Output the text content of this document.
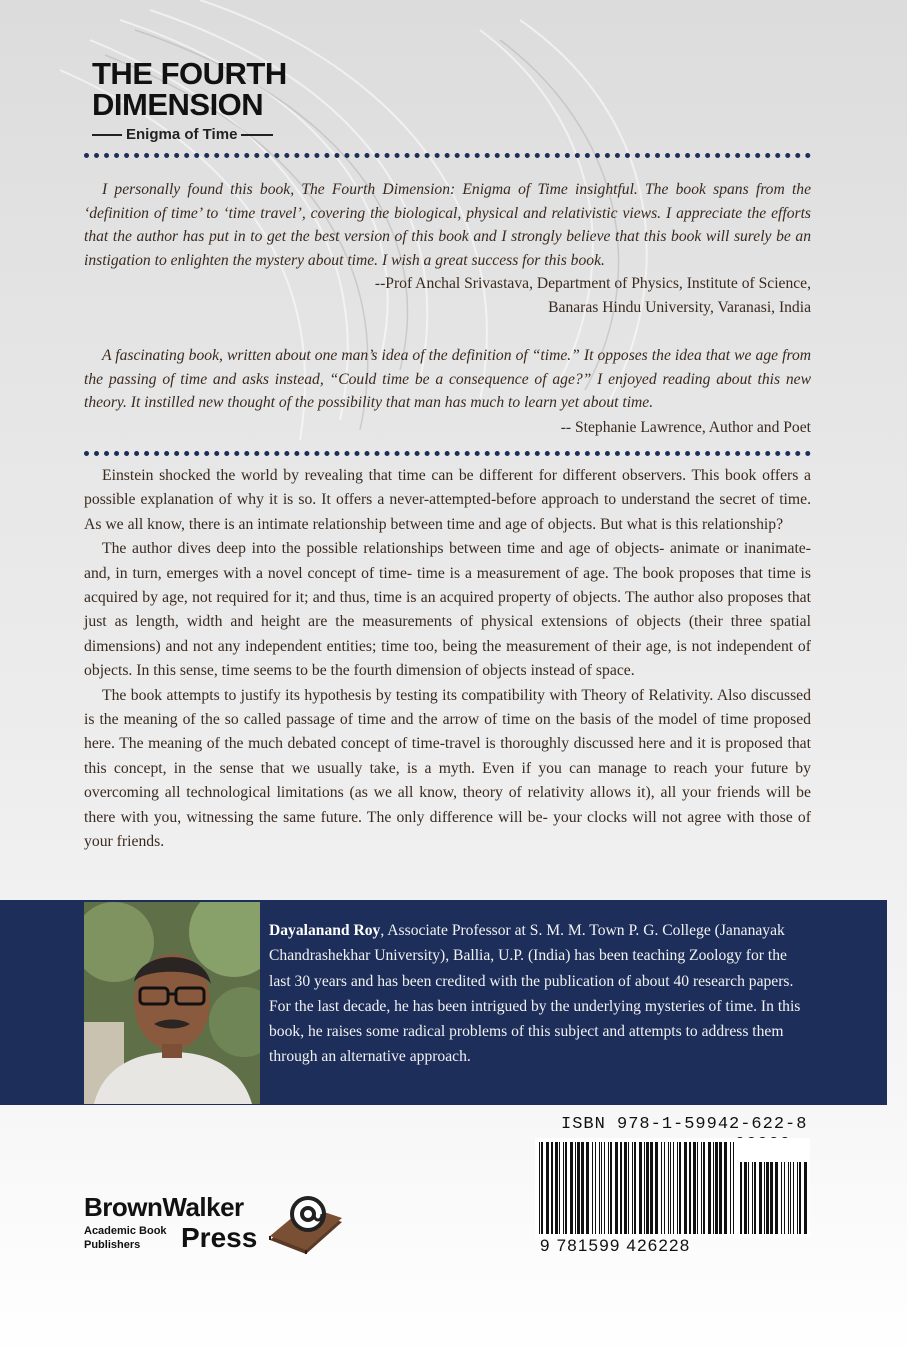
THE FOURTH
DIMENSION
Enigma of Time

I personally found this book, The Fourth Dimension: Enigma of Time insightful. The book spans from the ‘definition of time’ to ‘time travel’, covering the biological, physical and relativistic views. I appreciate the efforts that the author has put in to get the best version of this book and I strongly believe that this book will surely be an instigation to enlighten the mystery about time. I wish a great success for this book.

--Prof Anchal Srivastava, Department of Physics, Institute of Science,
Banaras Hindu University, Varanasi, India

A fascinating book, written about one man’s idea of the definition of “time.” It opposes the idea that we age from the passing of time and asks instead, “Could time be a consequence of age?” I enjoyed reading about this new theory. It instilled new thought of the possibility that man has much to learn yet about time.

-- Stephanie Lawrence, Author and Poet

Einstein shocked the world by revealing that time can be different for different observers. This book offers a possible explanation of why it is so. It offers a never-attempted-before approach to understand the secret of time. As we all know, there is an intimate relationship between time and age of objects. But what is this relationship?

The author dives deep into the possible relationships between time and age of objects- animate or inanimate- and, in turn, emerges with a novel concept of time- time is a measurement of age. The book proposes that time is acquired by age, not required for it; and thus, time is an acquired property of objects. The author also proposes that just as length, width and height are the measurements of physical extensions of objects (their three spatial dimensions) and not any independent entities; time too, being the measurement of their age, is not independent of objects. In this sense, time seems to be the fourth dimension of objects instead of space.

The book attempts to justify its hypothesis by testing its compatibility with Theory of Relativity. Also discussed is the meaning of the so called passage of time and the arrow of time on the basis of the model of time proposed here. The meaning of the much debated concept of time-travel is thoroughly discussed here and it is proposed that this concept, in the sense that we usually take, is a myth. Even if you can manage to reach your future by overcoming all technological limitations (as we all know, theory of relativity allows it), all your friends will be there with you, witnessing the same future. The only difference will be- your clocks will not agree with those of your friends.

Dayalanand Roy, Associate Professor at S. M. M. Town P. G. College (Jananayak Chandrashekhar University), Ballia, U.P. (India) has been teaching Zoology for the last 30 years and has been credited with the publication of about 40 research papers. For the last decade, he has been intrigued by the underlying mysteries of time. In this book, he raises some radical problems of this subject and attempts to address them through an alternative approach.
ISBN 978-1-59942-622-8
9 781599 426228
BrownWalker
Academic Book
Publishers Press
